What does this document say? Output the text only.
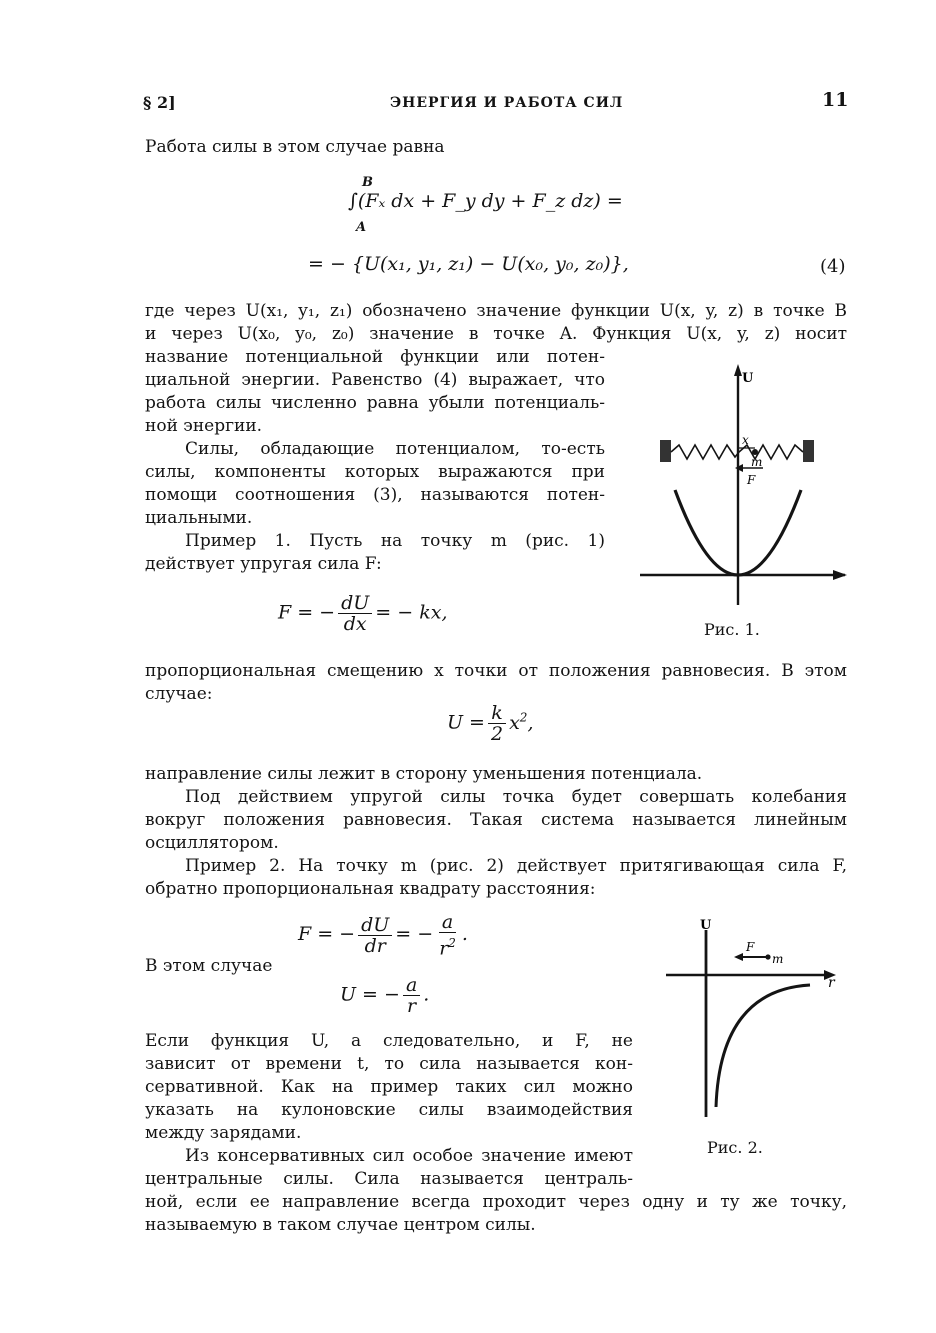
§ 2]	ЭНЕРГИЯ И РАБОТА СИЛ	11
Работа силы в этом случае равна
B
∫(Fₓ dx + F_y dy + F_z dz) =
A
= − {U(x₁, y₁, z₁) − U(x₀, y₀, z₀)},	(4)
где через U(x₁, y₁, z₁) обозначено значение функции U(x, y, z) в точке B
и через U(x₀, y₀, z₀) значение в точке A. Функция U(x, y, z) носит
название потенциальной функции или потен-
циальной энергии. Равенство (4) выражает, что
работа силы численно равна убыли потенциаль-
ной энергии.
Силы, обладающие потенциалом, то-есть
силы, компоненты которых выражаются при
помощи соотношения (3), называются потен-
циальными.
Пример 1. Пусть на точку m (рис. 1)
действует упругая сила F:
F = − $\frac{dU}{dx}$ = − kx,
U
x
m
F
Рис. 1.
пропорциональная смещению x точки от положения равновесия. В этом
случае:
$U = \frac{k}{2} x^2$,
направление силы лежит в сторону уменьшения потенциала.
Под действием упругой силы точка будет совершать колебания
вокруг положения равновесия. Такая система называется линейным
осциллятором.
Пример 2. На точку m (рис. 2) действует притягивающая сила F,
обратно пропорциональная квадрату расстояния:
F = − $\frac{dU}{dr}$ = − $\frac{a}{r^2}$ .
В этом случае
U = − $\frac{a}{r}$ .
U
r
F
m
Рис. 2.
Если функция U, а следовательно, и F, не
зависит от времени t, то сила называется кон-
сервативной. Как на пример таких сил можно
указать на кулоновские силы взаимодействия
между зарядами.
Из консервативных сил особое значение имеют
центральные силы. Сила называется централь-
ной, если ее направление всегда проходит через одну и ту же точку,
называемую в таком случае центром силы.
